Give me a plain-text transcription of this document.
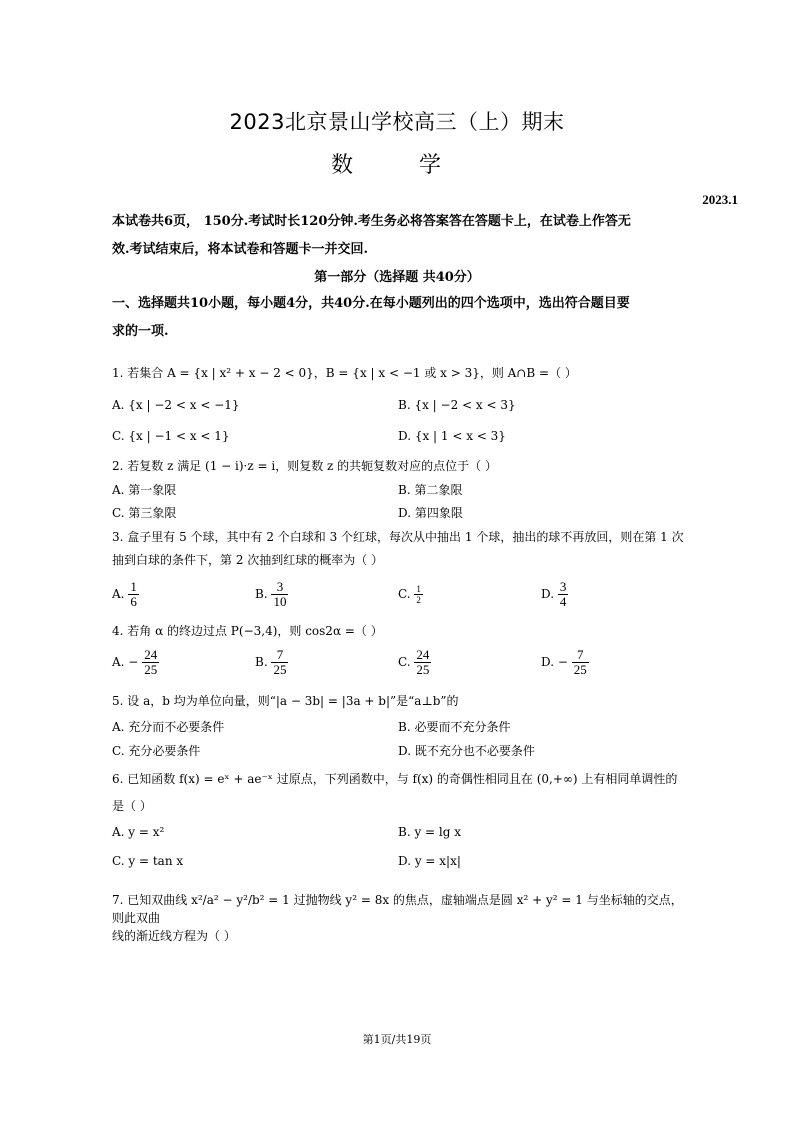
2023北京景山学校高三（上）期末
数　学
2023.1
本试卷共6页， 150分.考试时长120分钟.考生务必将答案答在答题卡上，在试卷上作答无
效.考试结束后，将本试卷和答题卡一并交回.
第一部分（选择题 共40分）
一、选择题共10小题，每小题4分，共40分.在每小题列出的四个选项中，选出符合题目要
求的一项.
1. 若集合 A = {x | x² + x − 2 < 0}，B = {x | x < −1 或 x > 3}，则 A∩B =（ ）
A. {x | −2 < x < −1}	B. {x | −2 < x < 3}
C. {x | −1 < x < 1}	D. {x | 1 < x < 3}
2. 若复数 z 满足 (1 − i)·z = i，则复数 z 的共轭复数对应的点位于（ ）
A. 第一象限	B. 第二象限
C. 第三象限	D. 第四象限
3. 盒子里有 5 个球，其中有 2 个白球和 3 个红球，每次从中抽出 1 个球，抽出的球不再放回，则在第 1 次
抽到白球的条件下，第 2 次抽到红球的概率为（ ）
A. $\frac{1}{6}$	B. $\frac{3}{10}$	C. $\frac{1}{2}$	D. $\frac{3}{4}$
4. 若角 α 的终边过点 P(−3,4)，则 cos2α =（ ）
A. − $\frac{24}{25}$	B. $\frac{7}{25}$	C. $\frac{24}{25}$	D. − $\frac{7}{25}$
5. 设 a，b 均为单位向量，则“|a − 3b| = |3a + b|”是“a⊥b”的
A. 充分而不必要条件	B. 必要而不充分条件
C. 充分必要条件	D. 既不充分也不必要条件
6. 已知函数 f(x) = eˣ + ae⁻ˣ 过原点，下列函数中，与 f(x) 的奇偶性相同且在 (0,+∞) 上有相同单调性的
是（ ）
A. y = x²	B. y = lg x
C. y = tan x	D. y = x|x|
7. 已知双曲线 x²/a² − y²/b² = 1 过抛物线 y² = 8x 的焦点，虚轴端点是圆 x² + y² = 1 与坐标轴的交点，则此双曲
线的渐近线方程为（ ）
第1页/共19页
